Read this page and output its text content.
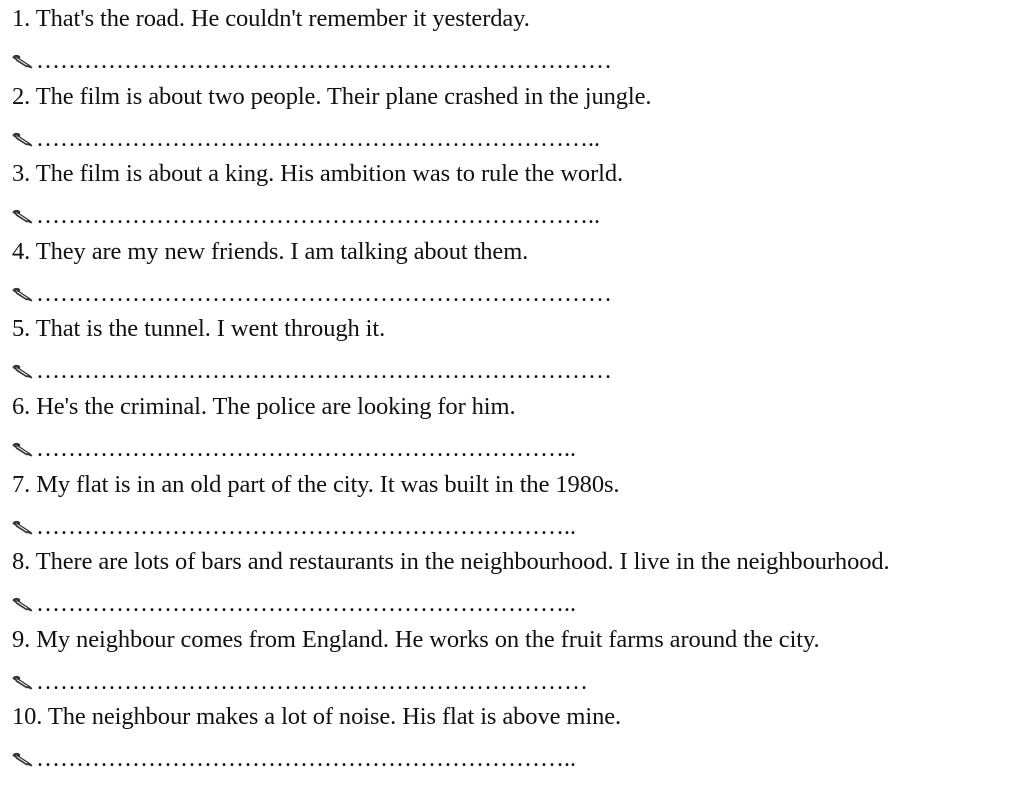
1. That's the road. He couldn't remember it yesterday.
………………………………………………………………
2. The film is about two people. Their plane crashed in the jungle.
……………………………………………………………..
3. The film is about a king. His ambition was to rule the world.
……………………………………………………………..
4. They are my new friends. I am talking about them.
………………………………………………………………
5. That is the tunnel. I went through it.
………………………………………………………………
6. He's the criminal. The police are looking for him.
…………………………………………………………..
7. My flat is in an old part of the city. It was built in the 1980s.
…………………………………………………………..
8. There are lots of bars and restaurants in the neighbourhood. I live in the neighbourhood.
…………………………………………………………..
9. My neighbour comes from England. He works on the fruit farms around the city.
……………………………………………………………
10. The neighbour makes a lot of noise. His flat is above mine.
…………………………………………………………..
